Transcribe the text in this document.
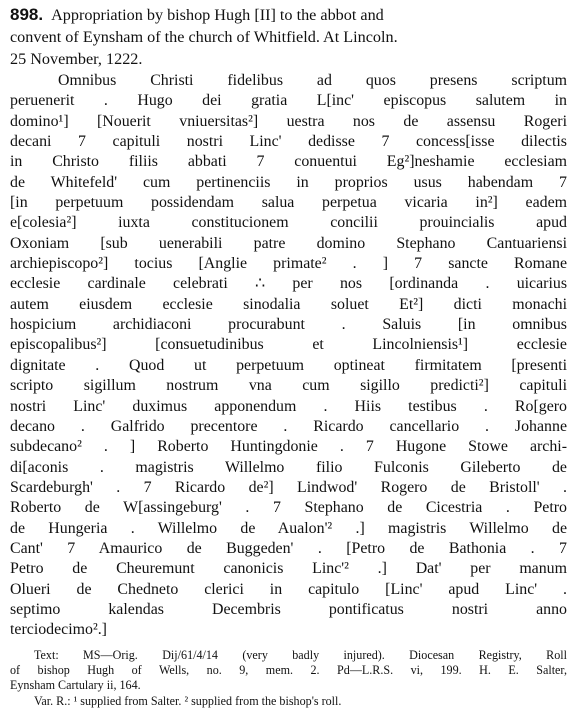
898. Appropriation by bishop Hugh [II] to the abbot and
convent of Eynsham of the church of Whitfield. At Lincoln.
25 November, 1222.
Omnibus Christi fidelibus ad quos presens scriptum
peruenerit . Hugo dei gratia L[inc' episcopus salutem in
domino¹] [Nouerit vniuersitas²] uestra nos de assensu Rogeri
decani 7 capituli nostri Linc' dedisse 7 concess[isse dilectis
in Christo filiis abbati 7 conuentui Eg²]neshamie ecclesiam
de Whitefeld' cum pertinenciis in proprios usus habendam 7
[in perpetuum possidendam salua perpetua vicaria in²] eadem
e[colesia²] iuxta constitucionem concilii prouincialis apud
Oxoniam [sub uenerabili patre domino Stephano Cantuariensi
archiepiscopo²] tocius [Anglie primate² . ] 7 sancte Romane
ecclesie cardinale celebrati ∴ per nos [ordinanda . uicarius
autem eiusdem ecclesie sinodalia soluet Et²] dicti monachi
hospicium archidiaconi procurabunt . Saluis [in omnibus
episcopalibus²] [consuetudinibus et Lincolniensis¹] ecclesie
dignitate . Quod ut perpetuum optineat firmitatem [presenti
scripto sigillum nostrum vna cum sigillo predicti²] capituli
nostri Linc' duximus apponendum . Hiis testibus . Ro[gero
decano . Galfrido precentore . Ricardo cancellario . Johanne
subdecano² . ] Roberto Huntingdonie . 7 Hugone Stowe archi-
di[aconis . magistris Willelmo filio Fulconis Gileberto de
Scardeburgh' . 7 Ricardo de²] Lindwod' Rogero de Bristoll' .
Roberto de W[assingeburg' . 7 Stephano de Cicestria . Petro
de Hungeria . Willelmo de Aualon'² .] magistris Willelmo de
Cant' 7 Amaurico de Buggeden' . [Petro de Bathonia . 7
Petro de Cheuremunt canonicis Linc'² .] Dat' per manum
Olueri de Chedneto clerici in capitulo [Linc' apud Linc' .
septimo kalendas Decembris pontificatus nostri anno
terciodecimo².]
Text: MS—Orig. Dij/61/4/14 (very badly injured). Diocesan Registry, Roll
of bishop Hugh of Wells, no. 9, mem. 2. Pd—L.R.S. vi, 199. H. E. Salter,
Eynsham Cartulary ii, 164.
Var. R.: ¹ supplied from Salter. ² supplied from the bishop's roll.
